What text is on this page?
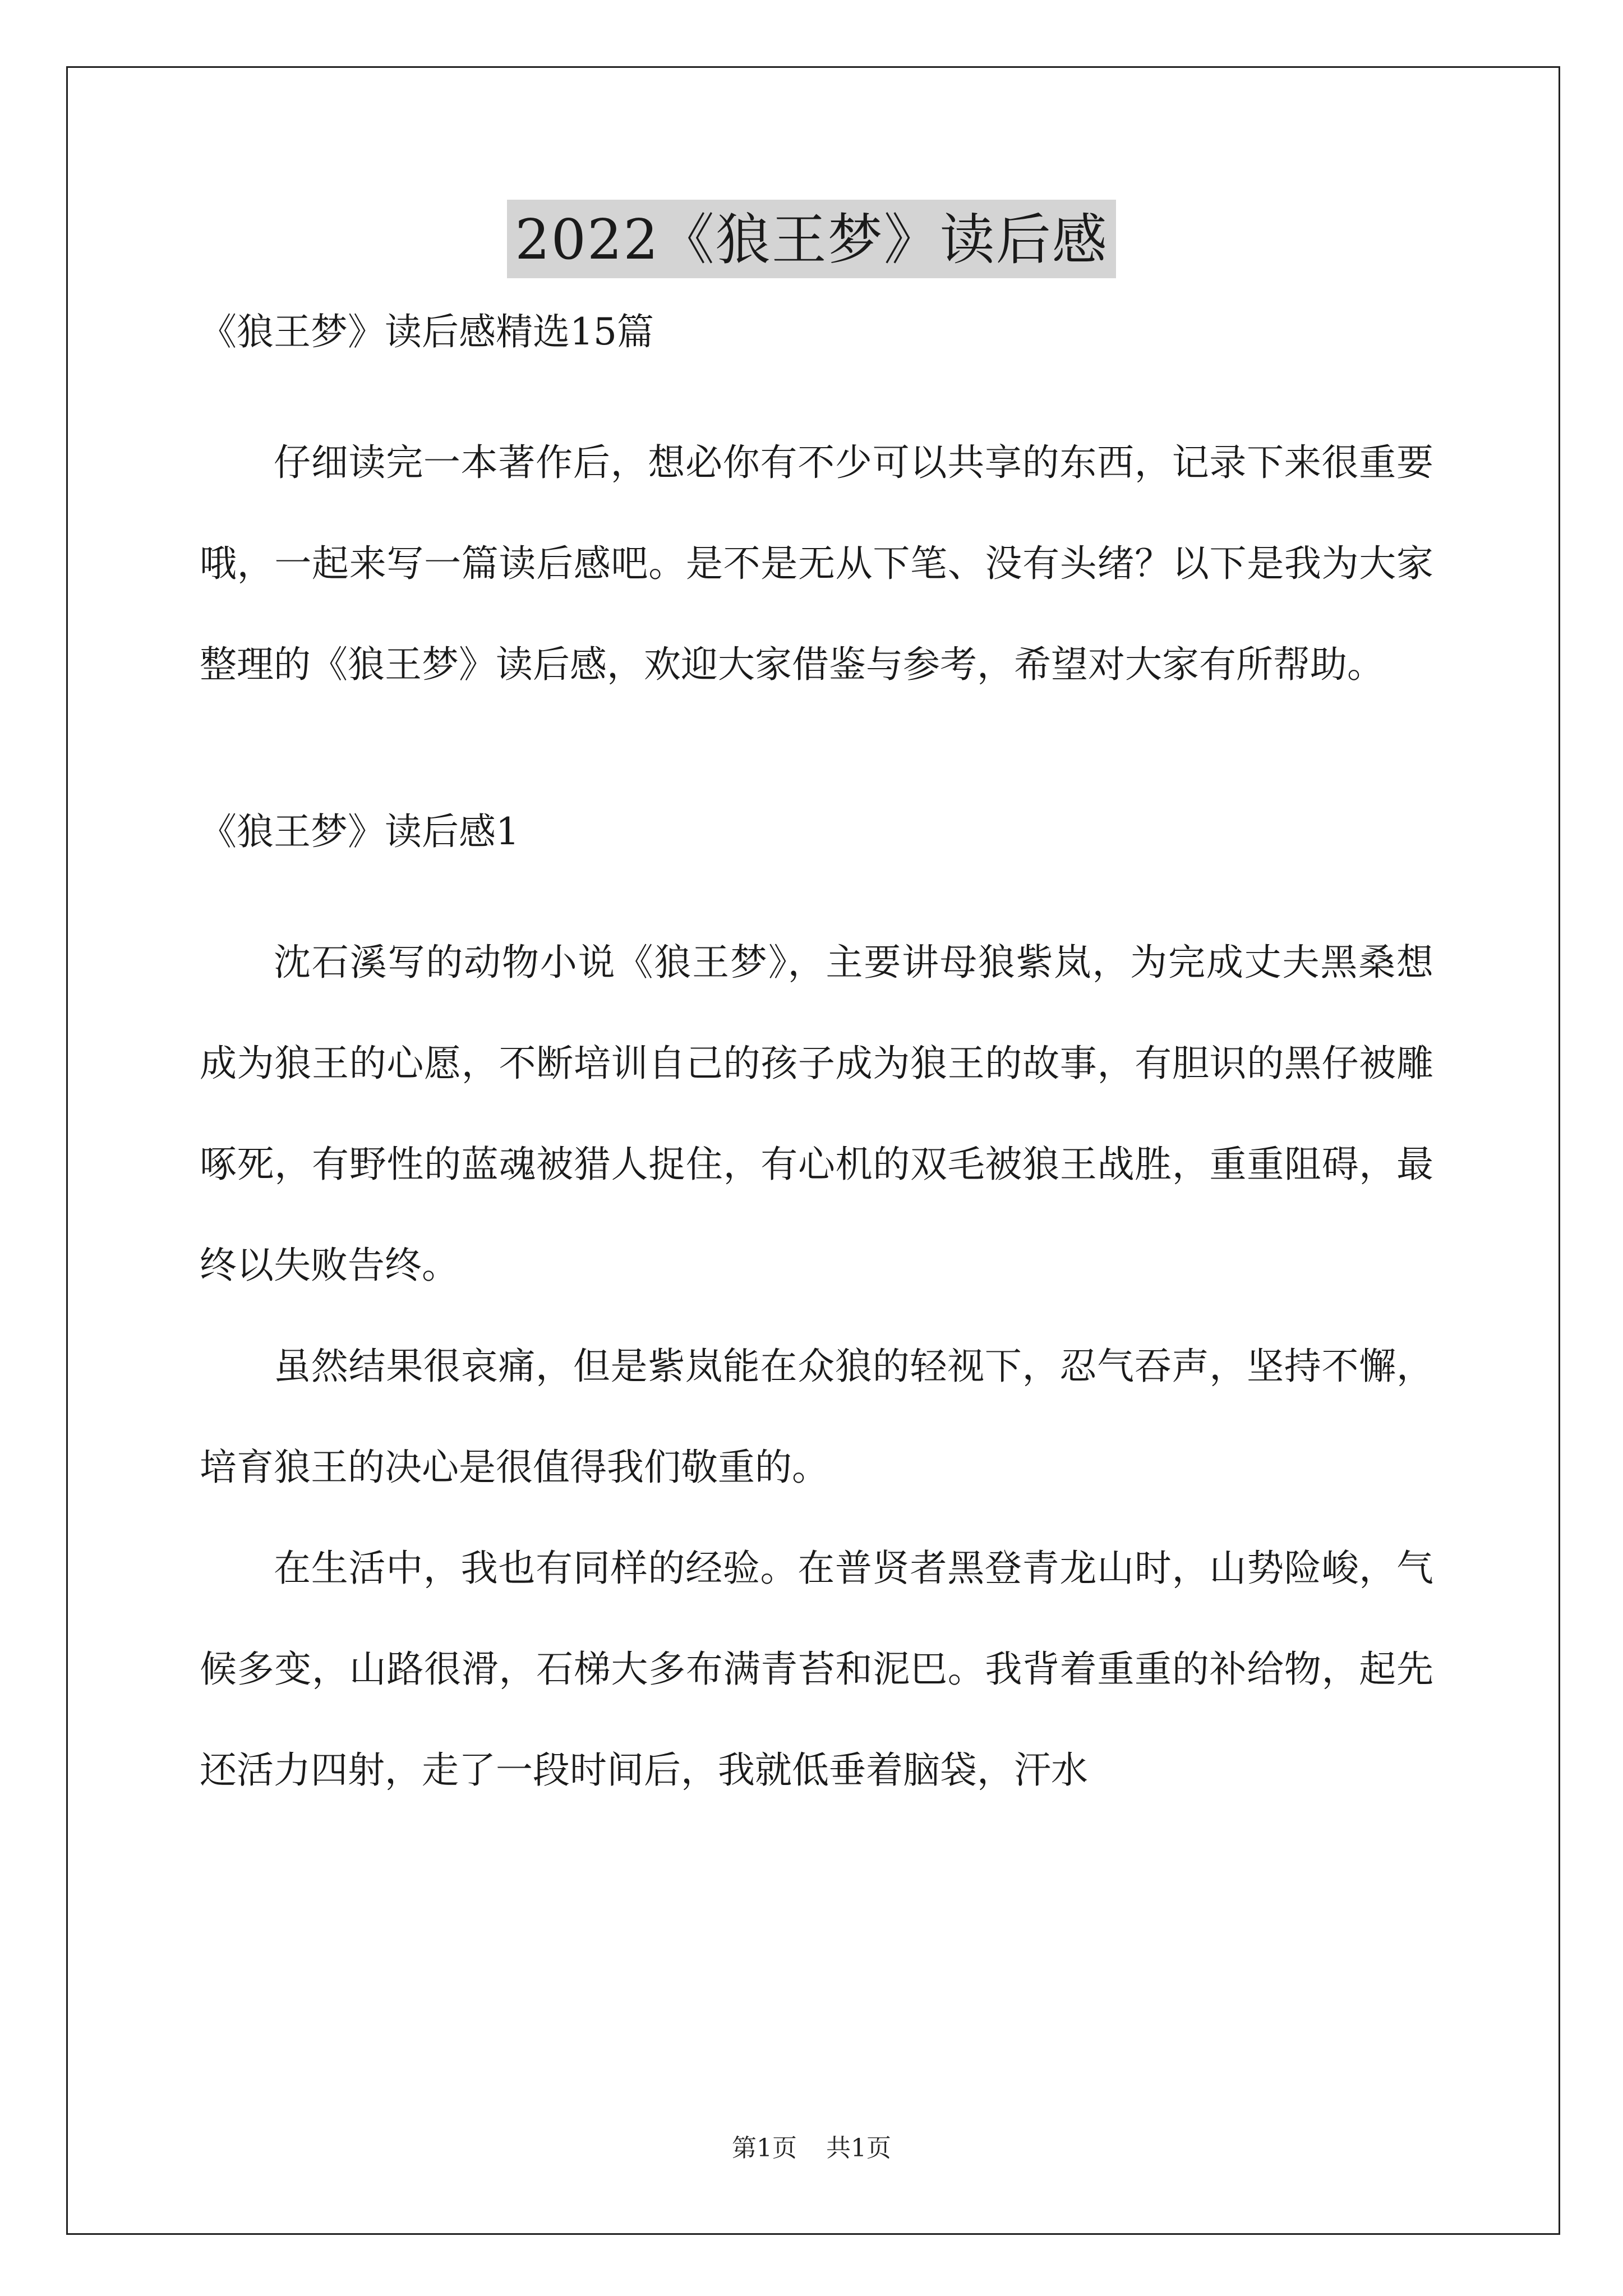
2022《狼王梦》读后感
《狼王梦》读后感精选15篇

仔细读完一本著作后，想必你有不少可以共享的东西，记录下来很重要哦，一起来写一篇读后感吧。是不是无从下笔、没有头绪？以下是我为大家整理的《狼王梦》读后感，欢迎大家借鉴与参考，希望对大家有所帮助。

《狼王梦》读后感1

沈石溪写的动物小说《狼王梦》，主要讲母狼紫岚，为完成丈夫黑桑想成为狼王的心愿，不断培训自己的孩子成为狼王的故事，有胆识的黑仔被雕啄死，有野性的蓝魂被猎人捉住，有心机的双毛被狼王战胜，重重阻碍，最终以失败告终。

虽然结果很哀痛，但是紫岚能在众狼的轻视下，忍气吞声，坚持不懈，培育狼王的决心是很值得我们敬重的。

在生活中，我也有同样的经验。在普贤者黑登青龙山时，山势险峻，气候多变，山路很滑，石梯大多布满青苔和泥巴。我背着重重的补给物，起先还活力四射，走了一段时间后，我就低垂着脑袋，汗水

第1页 共1页
